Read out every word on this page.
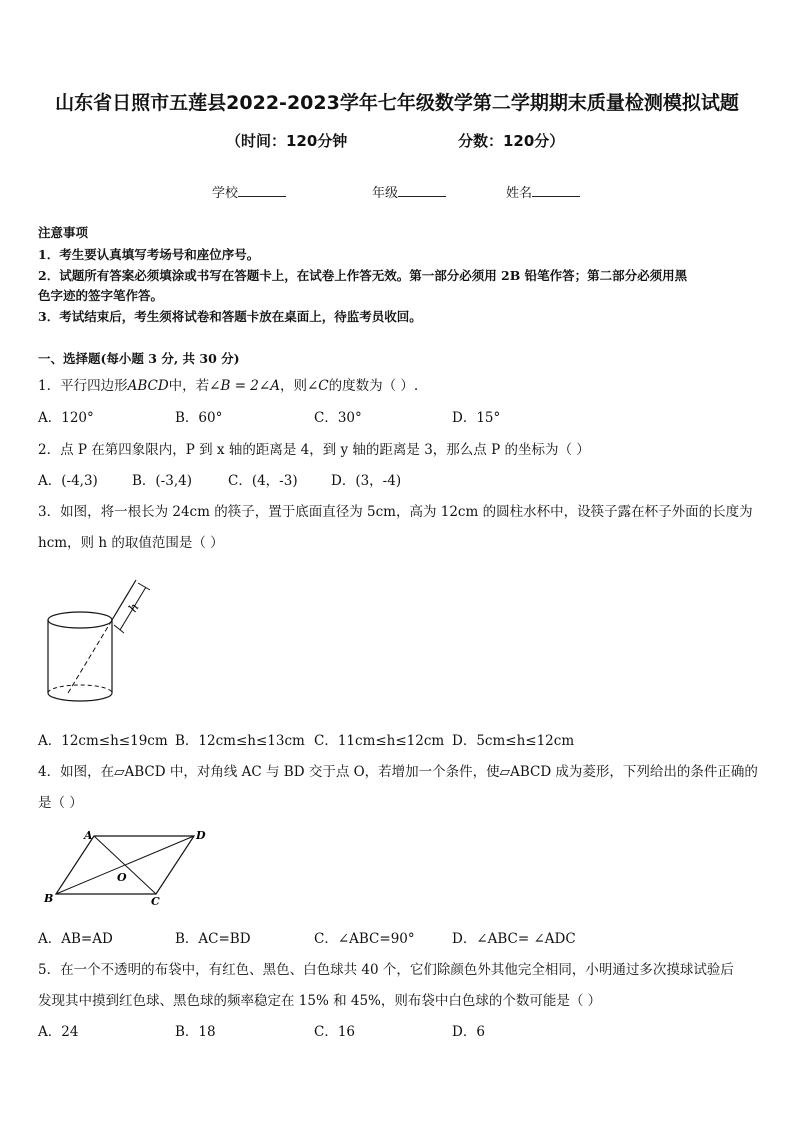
山东省日照市五莲县2022-2023学年七年级数学第二学期期末质量检测模拟试题
（时间：120分钟	分数：120分）
学校	年级	姓名
注意事项
1．考生要认真填写考场号和座位序号。
2．试题所有答案必须填涂或书写在答题卡上，在试卷上作答无效。第一部分必须用 2B 铅笔作答；第二部分必须用黑
色字迹的签字笔作答。
3．考试结束后，考生须将试卷和答题卡放在桌面上，待监考员收回。
一、选择题(每小题 3 分, 共 30 分)
1．平行四边形ABCD中，若∠B = 2∠A，则∠C的度数为（ ）.
A．120°	B．60°	C．30°	D．15°
2．点 P 在第四象限内，P 到 x 轴的距离是 4，到 y 轴的距离是 3，那么点 P 的坐标为（ ）
A．(-4,3)	B．(-3,4)	C．(4，-3) D．(3，-4)
3．如图，将一根长为 24cm 的筷子，置于底面直径为 5cm，高为 12cm 的圆柱水杯中，设筷子露在杯子外面的长度为
hcm，则 h 的取值范围是（ ）
h
A．12cm≤h≤19cm B．12cm≤h≤13cm C．11cm≤h≤12cm D．5cm≤h≤12cm
4．如图，在▱ABCD 中，对角线 AC 与 BD 交于点 O，若增加一个条件，使▱ABCD 成为菱形，下列给出的条件正确的
是（ ）
A	D
B	C
O
A．AB=AD	B．AC=BD	C．∠ABC=90°	D．∠ABC= ∠ADC
5．在一个不透明的布袋中，有红色、黑色、白色球共 40 个，它们除颜色外其他完全相同，小明通过多次摸球试验后
发现其中摸到红色球、黑色球的频率稳定在 15% 和 45%，则布袋中白色球的个数可能是（ ）
A．24	B．18	C．16	D．6
